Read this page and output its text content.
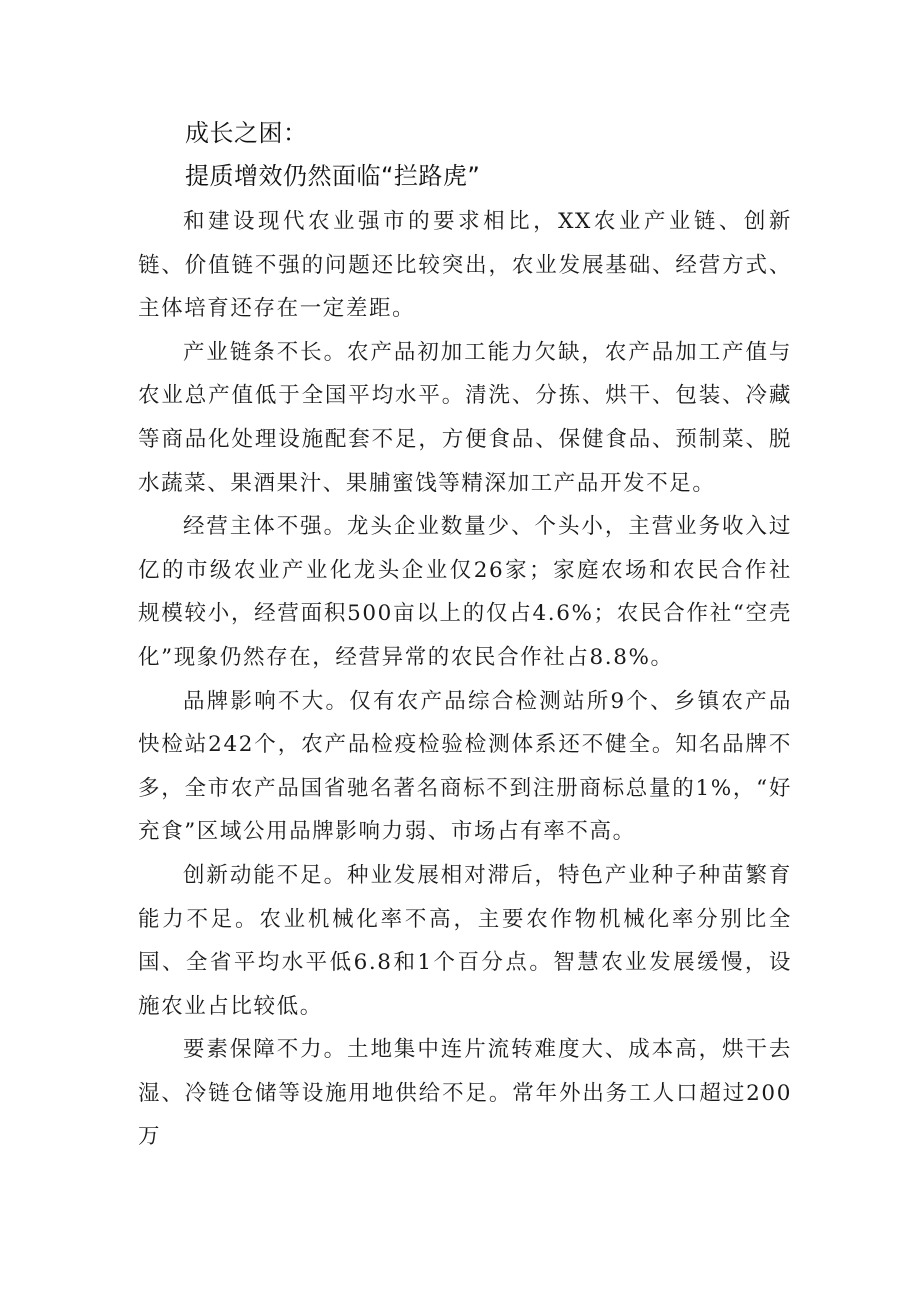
成长之困：
提质增效仍然面临“拦路虎”

和建设现代农业强市的要求相比，XX农业产业链、创新链、价值链不强的问题还比较突出，农业发展基础、经营方式、主体培育还存在一定差距。

产业链条不长。农产品初加工能力欠缺，农产品加工产值与农业总产值低于全国平均水平。清洗、分拣、烘干、包装、冷藏等商品化处理设施配套不足，方便食品、保健食品、预制菜、脱水蔬菜、果酒果汁、果脯蜜饯等精深加工产品开发不足。

经营主体不强。龙头企业数量少、个头小，主营业务收入过亿的市级农业产业化龙头企业仅26家；家庭农场和农民合作社规模较小，经营面积500亩以上的仅占4.6%；农民合作社“空壳化”现象仍然存在，经营异常的农民合作社占8.8%。

品牌影响不大。仅有农产品综合检测站所9个、乡镇农产品快检站242个，农产品检疫检验检测体系还不健全。知名品牌不多，全市农产品国省驰名著名商标不到注册商标总量的1%，“好充食”区域公用品牌影响力弱、市场占有率不高。

创新动能不足。种业发展相对滞后，特色产业种子种苗繁育能力不足。农业机械化率不高，主要农作物机械化率分别比全国、全省平均水平低6.8和1个百分点。智慧农业发展缓慢，设施农业占比较低。

要素保障不力。土地集中连片流转难度大、成本高，烘干去湿、冷链仓储等设施用地供给不足。常年外出务工人口超过200万
